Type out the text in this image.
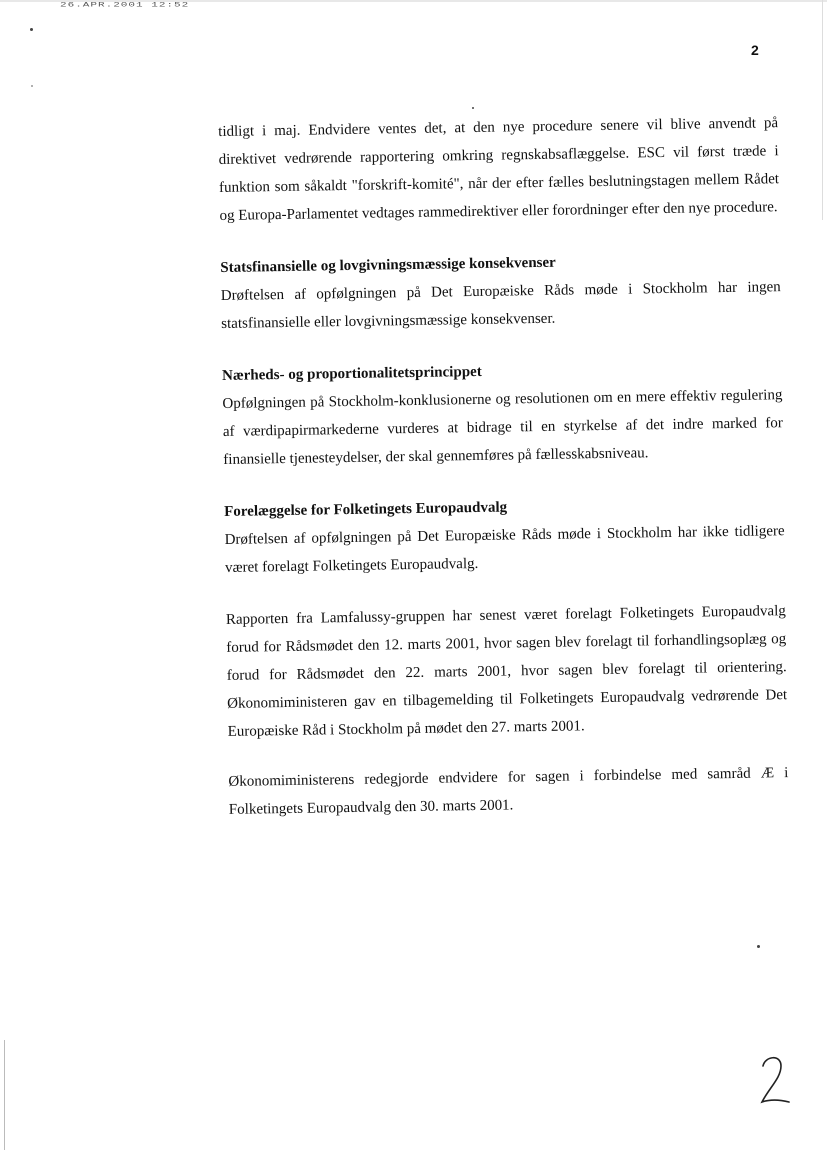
26.APR.2001 12:52
2

tidligt i maj. Endvidere ventes det, at den nye procedure senere vil blive anvendt på direktivet vedrørende rapportering omkring regnskabsaflæggelse. ESC vil først træde i funktion som såkaldt "forskrift-komité", når der efter fælles beslutningstagen mellem Rådet og Europa-Parlamentet vedtages rammedirektiver eller forordninger efter den nye procedure.

Statsfinansielle og lovgivningsmæssige konsekvenser

Drøftelsen af opfølgningen på Det Europæiske Råds møde i Stockholm har ingen statsfinansielle eller lovgivningsmæssige konsekvenser.

Nærheds- og proportionalitetsprincippet

Opfølgningen på Stockholm-konklusionerne og resolutionen om en mere effektiv regulering af værdipapirmarkederne vurderes at bidrage til en styrkelse af det indre marked for finansielle tjenesteydelser, der skal gennemføres på fællesskabsniveau.

Forelæggelse for Folketingets Europaudvalg

Drøftelsen af opfølgningen på Det Europæiske Råds møde i Stockholm har ikke tidligere været forelagt Folketingets Europaudvalg.

Rapporten fra Lamfalussy-gruppen har senest været forelagt Folketingets Europaudvalg forud for Rådsmødet den 12. marts 2001, hvor sagen blev forelagt til forhandlingsoplæg og forud for Rådsmødet den 22. marts 2001, hvor sagen blev forelagt til orientering. Økonomiministeren gav en tilbagemelding til Folketingets Europaudvalg vedrørende Det Europæiske Råd i Stockholm på mødet den 27. marts 2001.

Økonomiministerens redegjorde endvidere for sagen i forbindelse med samråd Æ i Folketingets Europaudvalg den 30. marts 2001.
